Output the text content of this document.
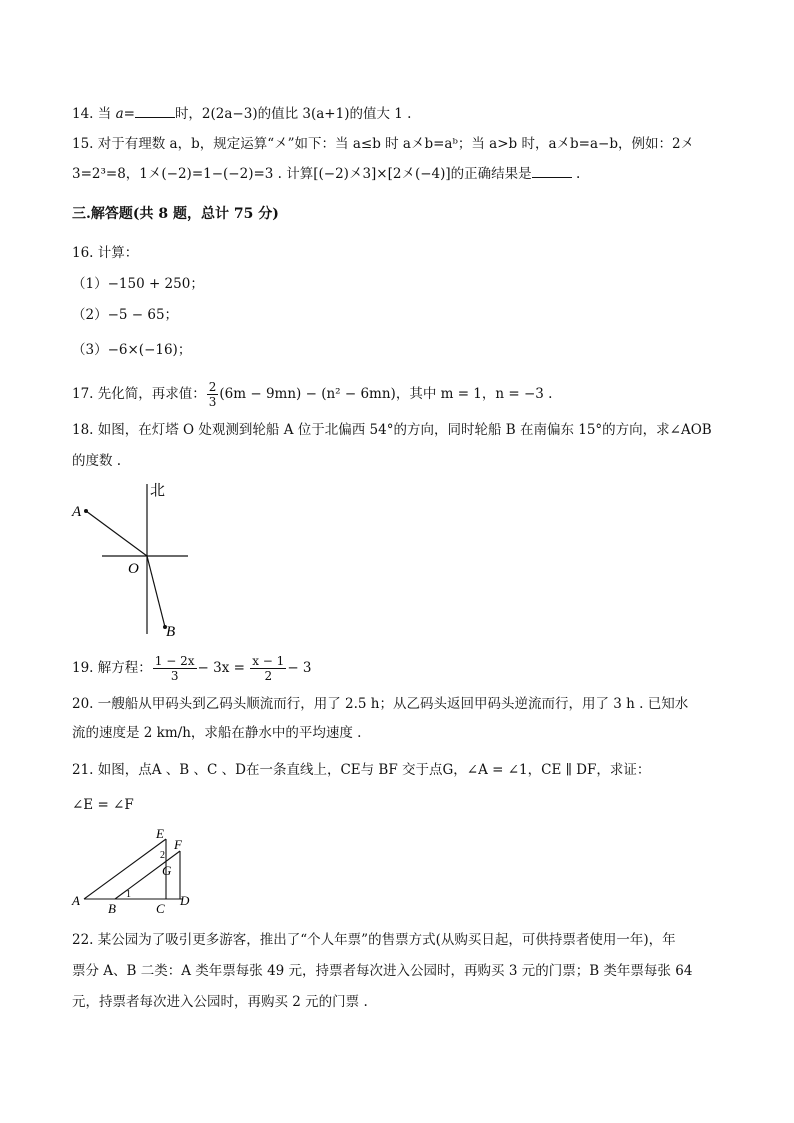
14. 当 a=	时，2(2a−3)的值比 3(a+1)的值大 1 .
15. 对于有理数 a，b，规定运算“㐅”如下：当 a≤b 时 a㐅b=aᵇ；当 a>b 时，a㐅b=a−b，例如：2㐅
3=2³=8，1㐅(−2)=1−(−2)=3 . 计算[(−2)㐅3]×[2㐅(−4)]的正确结果是	.
三.解答题(共 8 题，总计 75 分)
16. 计算：
（1）−150 + 250；
（2）−5 − 65；
（3）−6×(−16)；
17. 先化简，再求值： $\frac{2}{3} (6m - 9mn) - (n^2 - 6mn)$，其中 m = 1，n = −3 .
18. 如图，在灯塔 O 处观测到轮船 A 位于北偏西 54°的方向，同时轮船 B 在南偏东 15°的方向，求∠AOB
的度数 .
北
A
O
B
19. 解方程： $\frac{1 - 2x}{3} - 3x = \frac{x - 1}{2} - 3$
20. 一艘船从甲码头到乙码头顺流而行，用了 2.5 h；从乙码头返回甲码头逆流而行，用了 3 h . 已知水
流的速度是 2 km/h，求船在静水中的平均速度 .
21. 如图，点A 、B 、C 、D在一条直线上，CE与 BF 交于点G，∠A = ∠1，CE ∥ DF，求证：
∠E = ∠F
A
B	C
D
E
F
G
1
2
22. 某公园为了吸引更多游客，推出了“个人年票”的售票方式(从购买日起，可供持票者使用一年)，年
票分 A、B 二类：A 类年票每张 49 元，持票者每次进入公园时，再购买 3 元的门票；B 类年票每张 64
元，持票者每次进入公园时，再购买 2 元的门票 .
